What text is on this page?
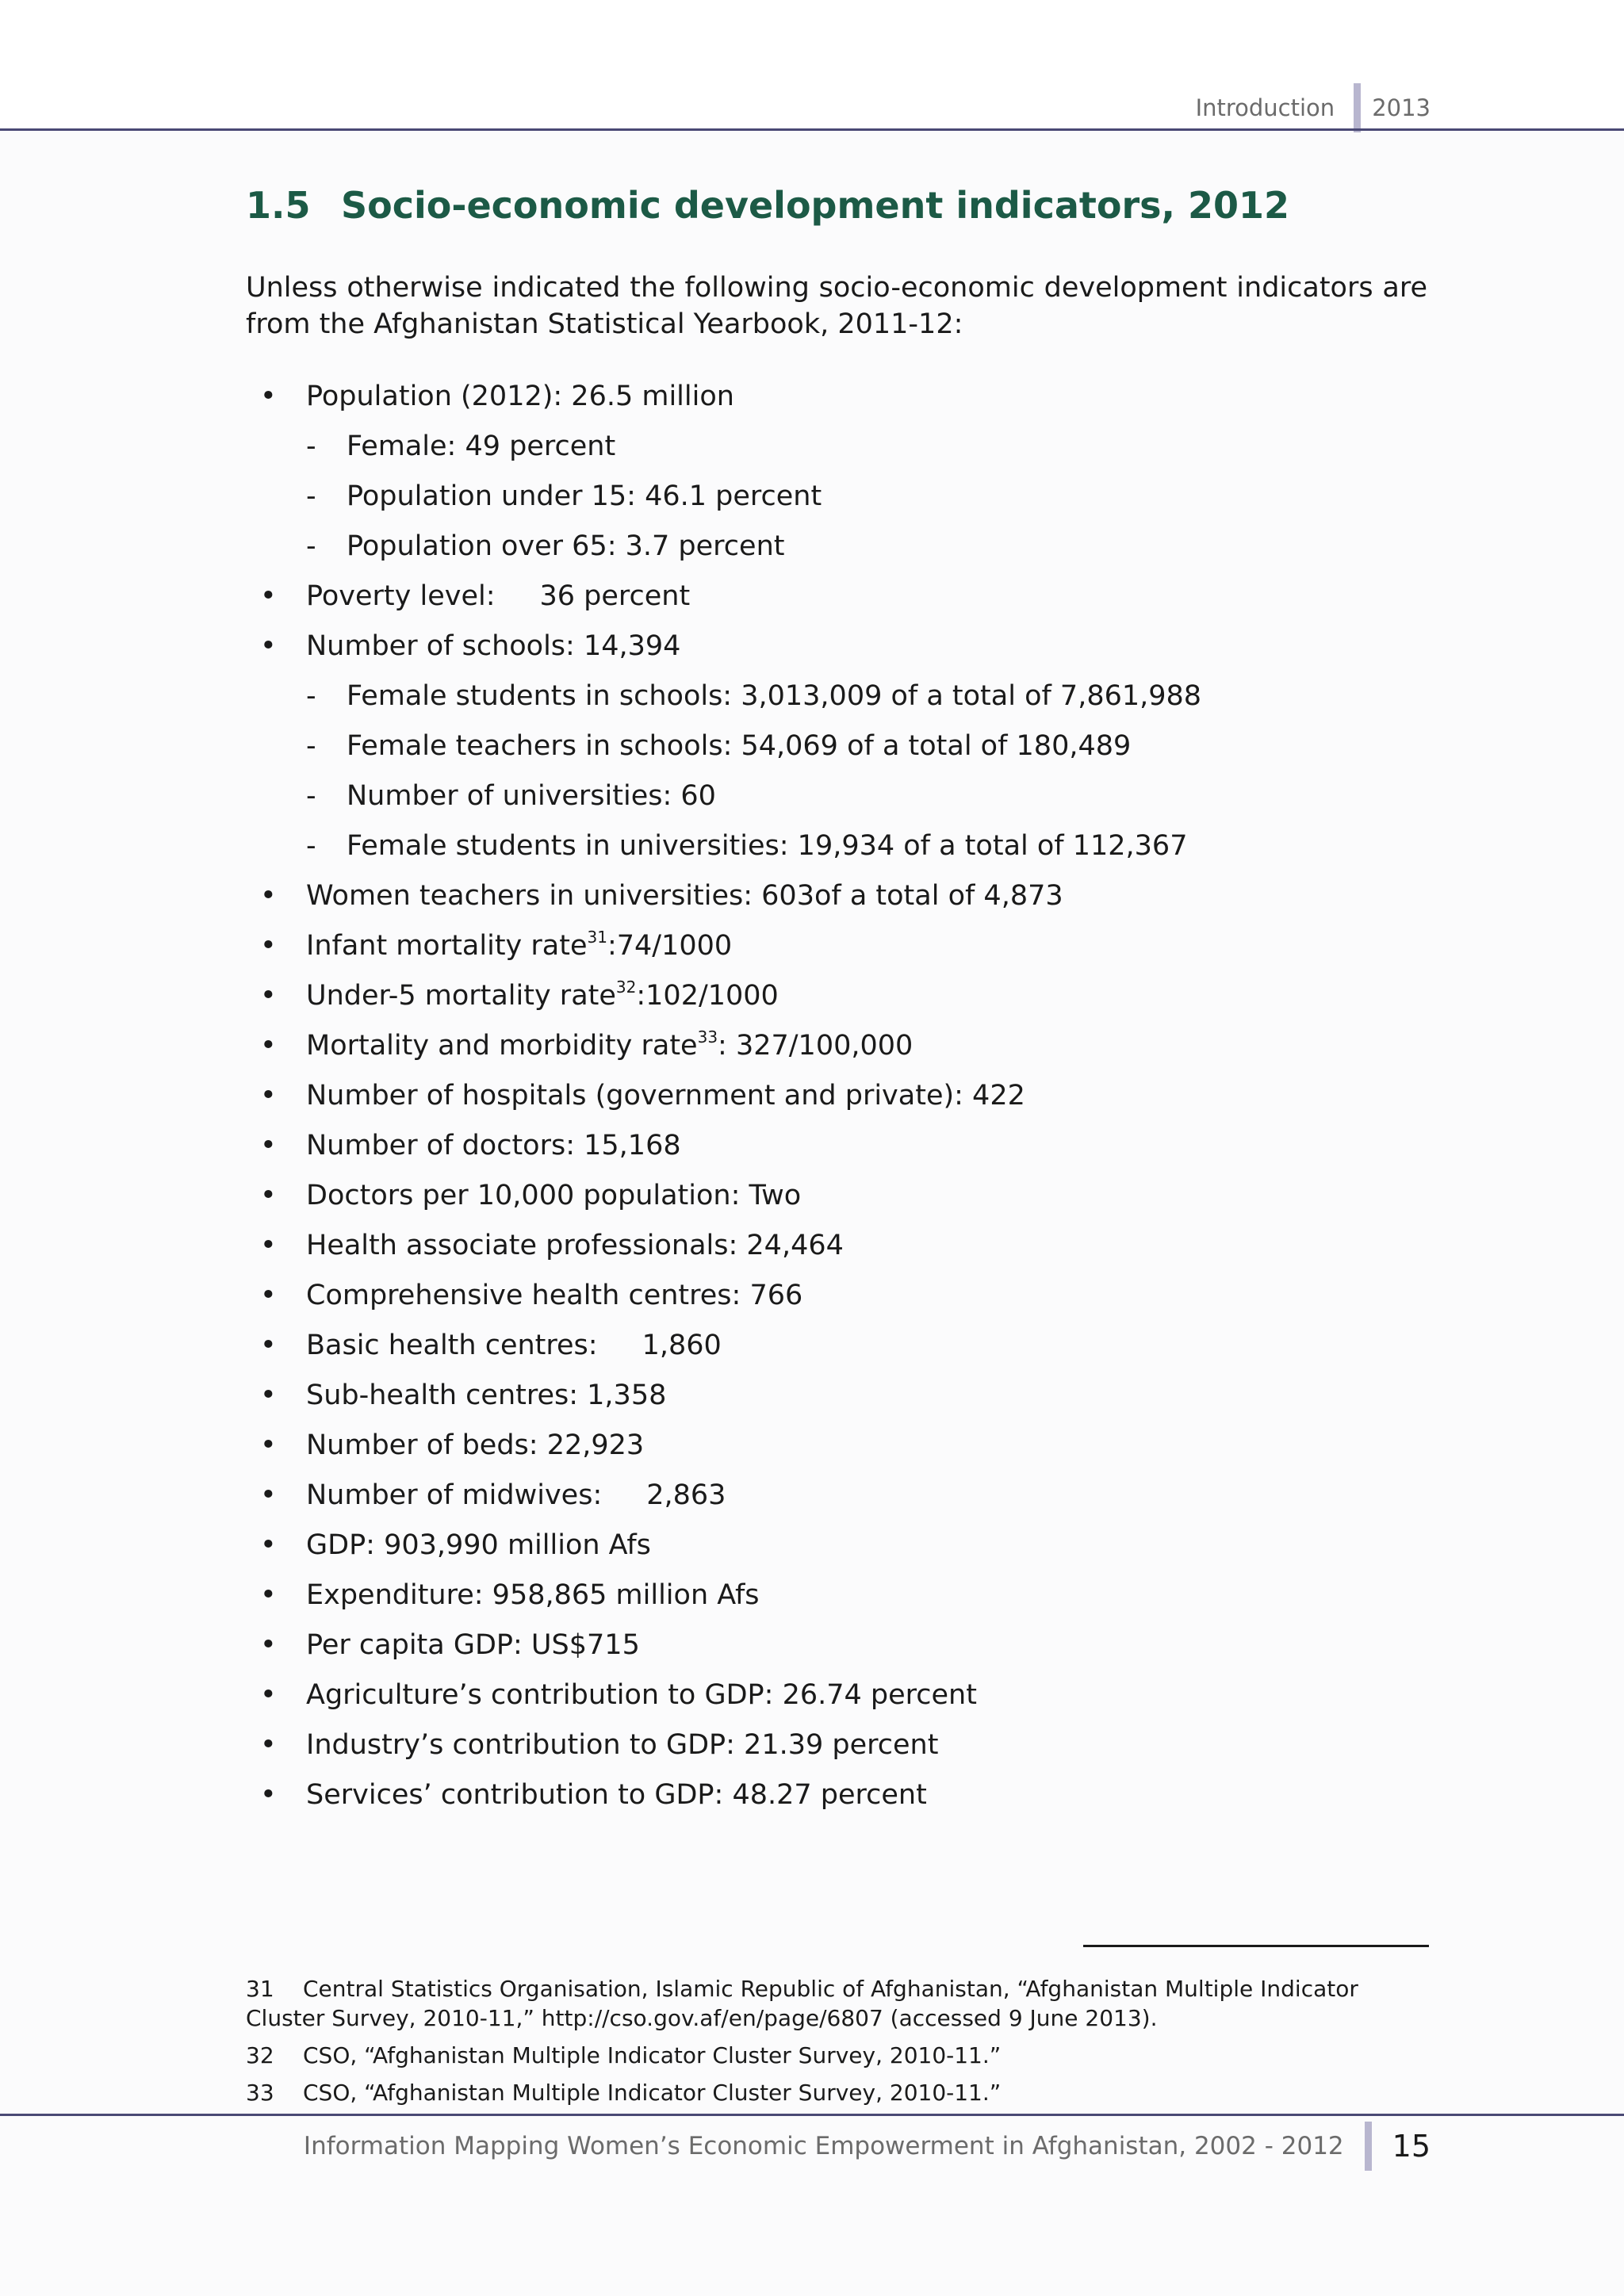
Introduction 2013
1.5 Socio-economic development indicators, 2012

Unless otherwise indicated the following socio-economic development indicators are from the Afghanistan Statistical Yearbook, 2011-12:

• Population (2012): 26.5 million
- Female: 49 percent
- Population under 15: 46.1 percent
- Population over 65: 3.7 percent
• Poverty level: 36 percent
• Number of schools: 14,394
- Female students in schools: 3,013,009 of a total of 7,861,988
- Female teachers in schools: 54,069 of a total of 180,489
- Number of universities: 60
- Female students in universities: 19,934 of a total of 112,367
• Women teachers in universities: 603of a total of 4,873
• Infant mortality rate$^{31}$:74/1000
• Under-5 mortality rate$^{32}$:102/1000
• Mortality and morbidity rate$^{33}$: 327/100,000
• Number of hospitals (government and private): 422
• Number of doctors: 15,168
• Doctors per 10,000 population: Two
• Health associate professionals: 24,464
• Comprehensive health centres: 766
• Basic health centres: 1,860
• Sub-health centres: 1,358
• Number of beds: 22,923
• Number of midwives: 2,863
• GDP: 903,990 million Afs
• Expenditure: 958,865 million Afs
• Per capita GDP: US$715
• Agriculture’s contribution to GDP: 26.74 percent
• Industry’s contribution to GDP: 21.39 percent
• Services’ contribution to GDP: 48.27 percent
31 Central Statistics Organisation, Islamic Republic of Afghanistan, “Afghanistan Multiple Indicator Cluster Survey, 2010-11,” http://cso.gov.af/en/page/6807 (accessed 9 June 2013).
32 CSO, “Afghanistan Multiple Indicator Cluster Survey, 2010-11.”
33 CSO, “Afghanistan Multiple Indicator Cluster Survey, 2010-11.”
Information Mapping Women’s Economic Empowerment in Afghanistan, 2002 - 2012 15
